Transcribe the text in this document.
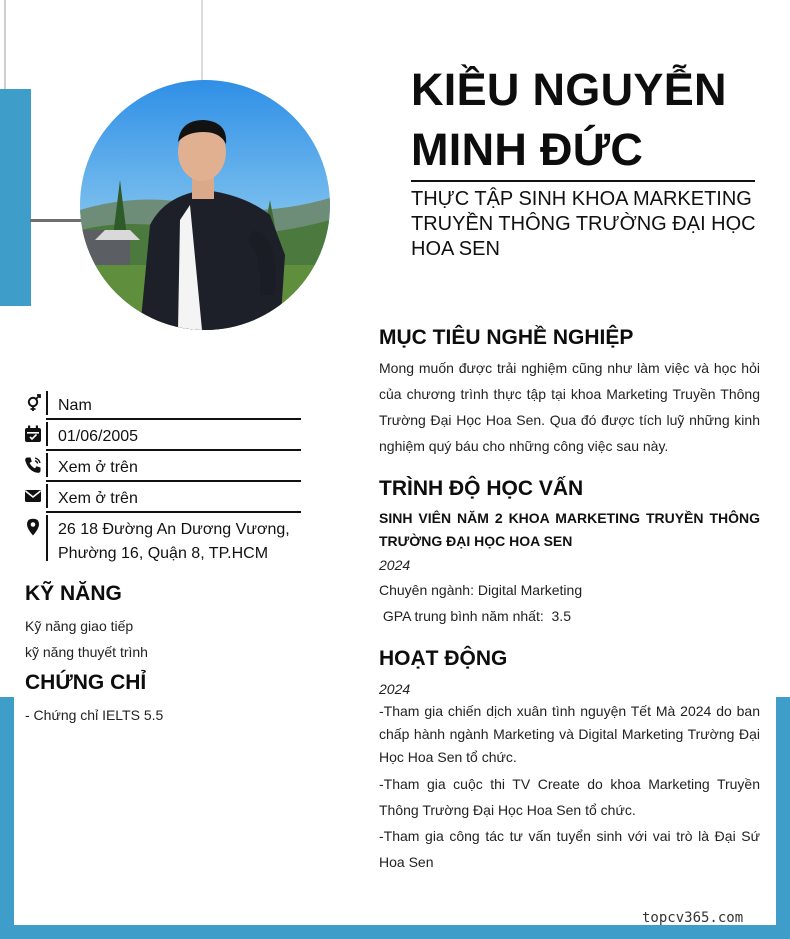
KIỀU NGUYỄN MINH ĐỨC
THỰC TẬP SINH KHOA MARKETING TRUYỀN THÔNG TRƯỜNG ĐẠI HỌC HOA SEN
Nam
01/06/2005
Xem ở trên
Xem ở trên
26 18 Đường An Dương Vương, Phường 16, Quận 8, TP.HCM
KỸ NĂNG
Kỹ năng giao tiếp
kỹ năng thuyết trình
CHỨNG CHỈ
- Chứng chỉ IELTS 5.5
MỤC TIÊU NGHỀ NGHIỆP
Mong muốn được trải nghiệm cũng như làm việc và học hỏi của chương trình thực tập tại khoa Marketing Truyền Thông Trường Đại Học Hoa Sen. Qua đó được tích luỹ những kinh nghiệm quý báu cho những công việc sau này.
TRÌNH ĐỘ HỌC VẤN
SINH VIÊN NĂM 2 KHOA MARKETING TRUYỀN THÔNG TRƯỜNG ĐẠI HỌC HOA SEN
2024
Chuyên ngành: Digital Marketing
GPA trung bình năm nhất:  3.5
HOẠT ĐỘNG
2024
-Tham gia chiến dịch xuân tình nguyện Tết Mà 2024 do ban chấp hành ngành Marketing và Digital Marketing Trường Đại Học Hoa Sen tổ chức.
-Tham gia cuộc thi TV Create do khoa Marketing Truyền Thông Trường Đại Học Hoa Sen tổ chức.
-Tham gia công tác tư vấn tuyển sinh với vai trò là Đại Sứ Hoa Sen
topcv365.com
